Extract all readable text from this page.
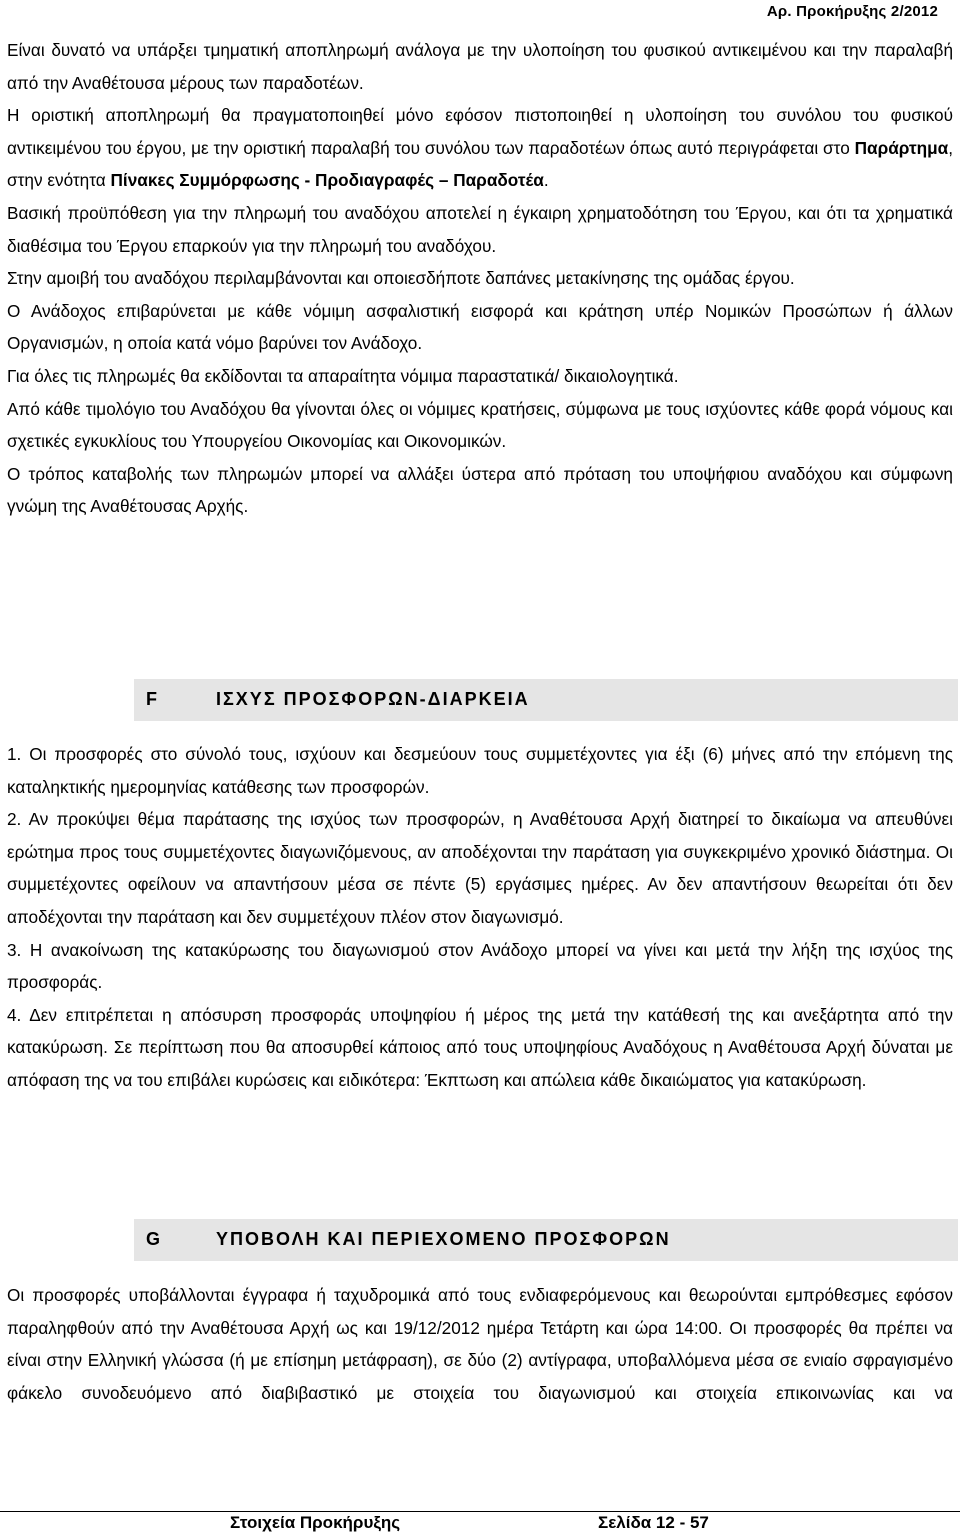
Αρ. Προκήρυξης 2/2012

Είναι δυνατό να υπάρξει τμηματική αποπληρωμή ανάλογα με την υλοποίηση του φυσικού αντικειμένου και την παραλαβή από την Αναθέτουσα μέρους των παραδοτέων.

Η οριστική αποπληρωμή θα πραγματοποιηθεί μόνο εφόσον πιστοποιηθεί η υλοποίηση του συνόλου του φυσικού αντικειμένου του έργου, με την οριστική παραλαβή του συνόλου των παραδοτέων όπως αυτό περιγράφεται στο Παράρτημα, στην ενότητα Πίνακες Συμμόρφωσης - Προδιαγραφές – Παραδοτέα.

Βασική προϋπόθεση για την πληρωμή του αναδόχου αποτελεί η έγκαιρη χρηματοδότηση του Έργου, και ότι τα χρηματικά διαθέσιμα του Έργου επαρκούν για την πληρωμή του αναδόχου.

Στην αμοιβή του αναδόχου περιλαμβάνονται και οποιεσδήποτε δαπάνες μετακίνησης της ομάδας έργου.

Ο Ανάδοχος επιβαρύνεται με κάθε νόμιμη ασφαλιστική εισφορά και κράτηση υπέρ Νομικών Προσώπων ή άλλων Οργανισμών, η οποία κατά νόμο βαρύνει τον Ανάδοχο.

Για όλες τις πληρωμές θα εκδίδονται τα απαραίτητα νόμιμα παραστατικά/ δικαιολογητικά.

Από κάθε τιμολόγιο του Αναδόχου θα γίνονται όλες οι νόμιμες κρατήσεις, σύμφωνα με τους ισχύοντες κάθε φορά νόμους και σχετικές εγκυκλίους του Υπουργείου Οικονομίας και Οικονομικών.

Ο τρόπος καταβολής των πληρωμών μπορεί να αλλάξει ύστερα από πρόταση του υποψήφιου αναδόχου και σύμφωνη γνώμη της Αναθέτουσας Αρχής.

F	ΙΣΧΥΣ ΠΡΟΣΦΟΡΩΝ-ΔΙΑΡΚΕΙΑ

1. Οι προσφορές στο σύνολό τους, ισχύουν και δεσμεύουν τους συμμετέχοντες για έξι (6) μήνες από την επόμενη της καταληκτικής ημερομηνίας κατάθεσης των προσφορών.

2. Αν προκύψει θέμα παράτασης της ισχύος των προσφορών, η Αναθέτουσα Αρχή διατηρεί το δικαίωμα να απευθύνει ερώτημα προς τους συμμετέχοντες διαγωνιζόμενους, αν αποδέχονται την παράταση για συγκεκριμένο χρονικό διάστημα. Οι συμμετέχοντες οφείλουν να απαντήσουν μέσα σε πέντε (5) εργάσιμες ημέρες. Αν δεν απαντήσουν θεωρείται ότι δεν αποδέχονται την παράταση και δεν συμμετέχουν πλέον στον διαγωνισμό.

3. Η ανακοίνωση της κατακύρωσης του διαγωνισμού στον Ανάδοχο μπορεί να γίνει και μετά την λήξη της ισχύος της προσφοράς.

4. Δεν επιτρέπεται η απόσυρση προσφοράς υποψηφίου ή μέρος της μετά την κατάθεσή της και ανεξάρτητα από την κατακύρωση. Σε περίπτωση που θα αποσυρθεί κάποιος από τους υποψηφίους Αναδόχους η Αναθέτουσα Αρχή δύναται με απόφαση της να του επιβάλει κυρώσεις και ειδικότερα: Έκπτωση και απώλεια κάθε δικαιώματος για κατακύρωση.

G	ΥΠΟΒΟΛΗ ΚΑΙ ΠΕΡΙΕΧΟΜΕΝΟ ΠΡΟΣΦΟΡΩΝ

Οι προσφορές υποβάλλονται έγγραφα ή ταχυδρομικά από τους ενδιαφερόμενους και θεωρούνται εμπρόθεσμες εφόσον παραληφθούν από την Αναθέτουσα Αρχή ως και 19/12/2012 ημέρα Τετάρτη και ώρα 14:00. Οι προσφορές θα πρέπει να είναι στην Ελληνική γλώσσα (ή με επίσημη μετάφραση), σε δύο (2) αντίγραφα, υποβαλλόμενα μέσα σε ενιαίο σφραγισμένο φάκελο συνοδευόμενο από διαβιβαστικό με στοιχεία του διαγωνισμού και στοιχεία επικοινωνίας και να

Στοιχεία Προκήρυξης	Σελίδα 12 - 57
